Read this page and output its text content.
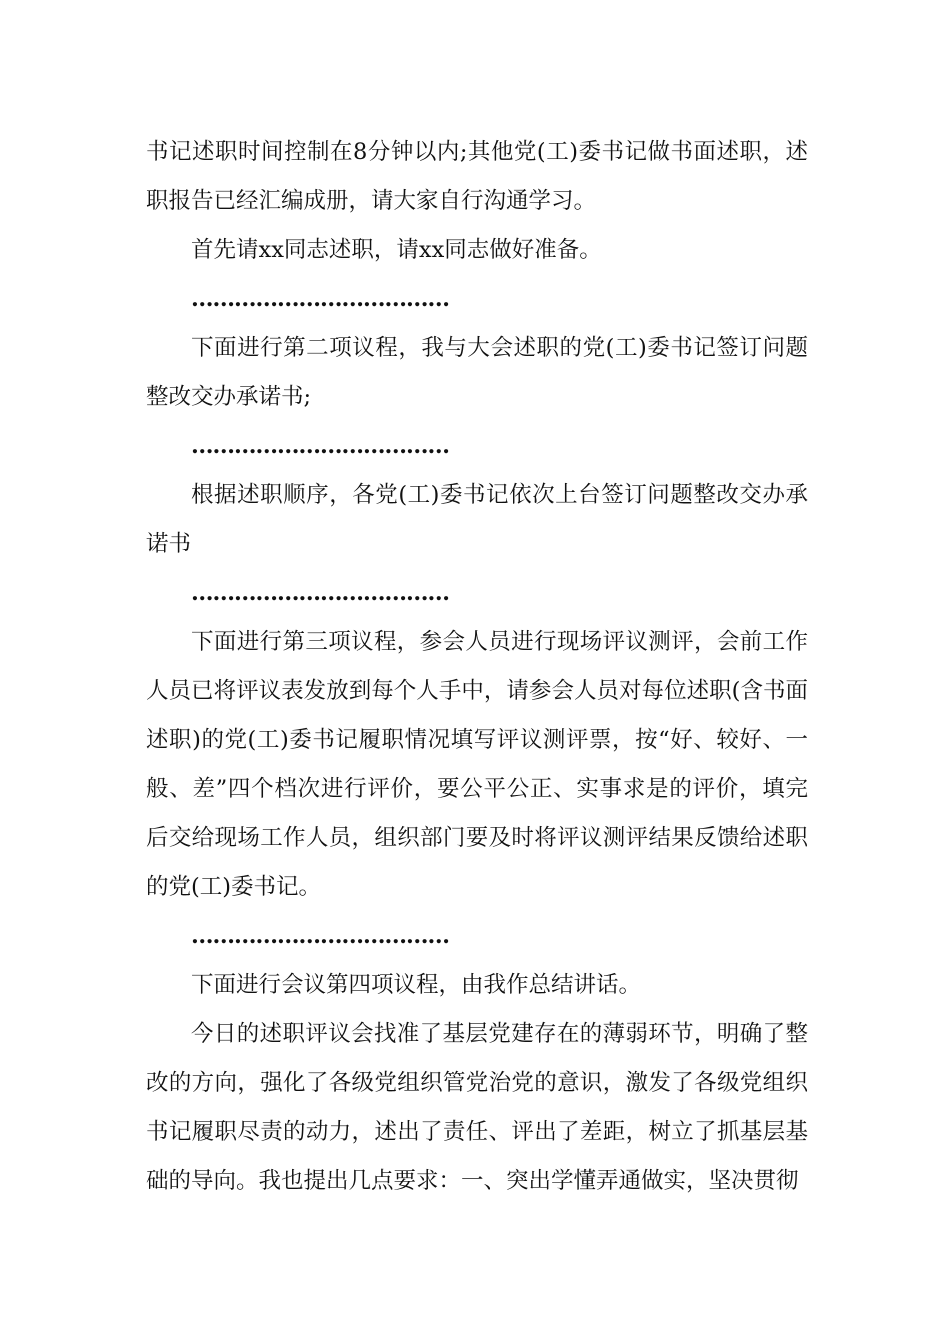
书记述职时间控制在8分钟以内;其他党(工)委书记做书面述职，述职报告已经汇编成册，请大家自行沟通学习。

首先请xx同志述职，请xx同志做好准备。

………………………………

下面进行第二项议程，我与大会述职的党(工)委书记签订问题整改交办承诺书;

………………………………

根据述职顺序，各党(工)委书记依次上台签订问题整改交办承诺书

………………………………

下面进行第三项议程，参会人员进行现场评议测评，会前工作人员已将评议表发放到每个人手中，请参会人员对每位述职(含书面述职)的党(工)委书记履职情况填写评议测评票，按“好、较好、一般、差”四个档次进行评价，要公平公正、实事求是的评价，填完后交给现场工作人员，组织部门要及时将评议测评结果反馈给述职的党(工)委书记。

………………………………

下面进行会议第四项议程，由我作总结讲话。

今日的述职评议会找准了基层党建存在的薄弱环节，明确了整改的方向，强化了各级党组织管党治党的意识，激发了各级党组织书记履职尽责的动力，述出了责任、评出了差距，树立了抓基层基础的导向。我也提出几点要求：一、突出学懂弄通做实，坚决贯彻
